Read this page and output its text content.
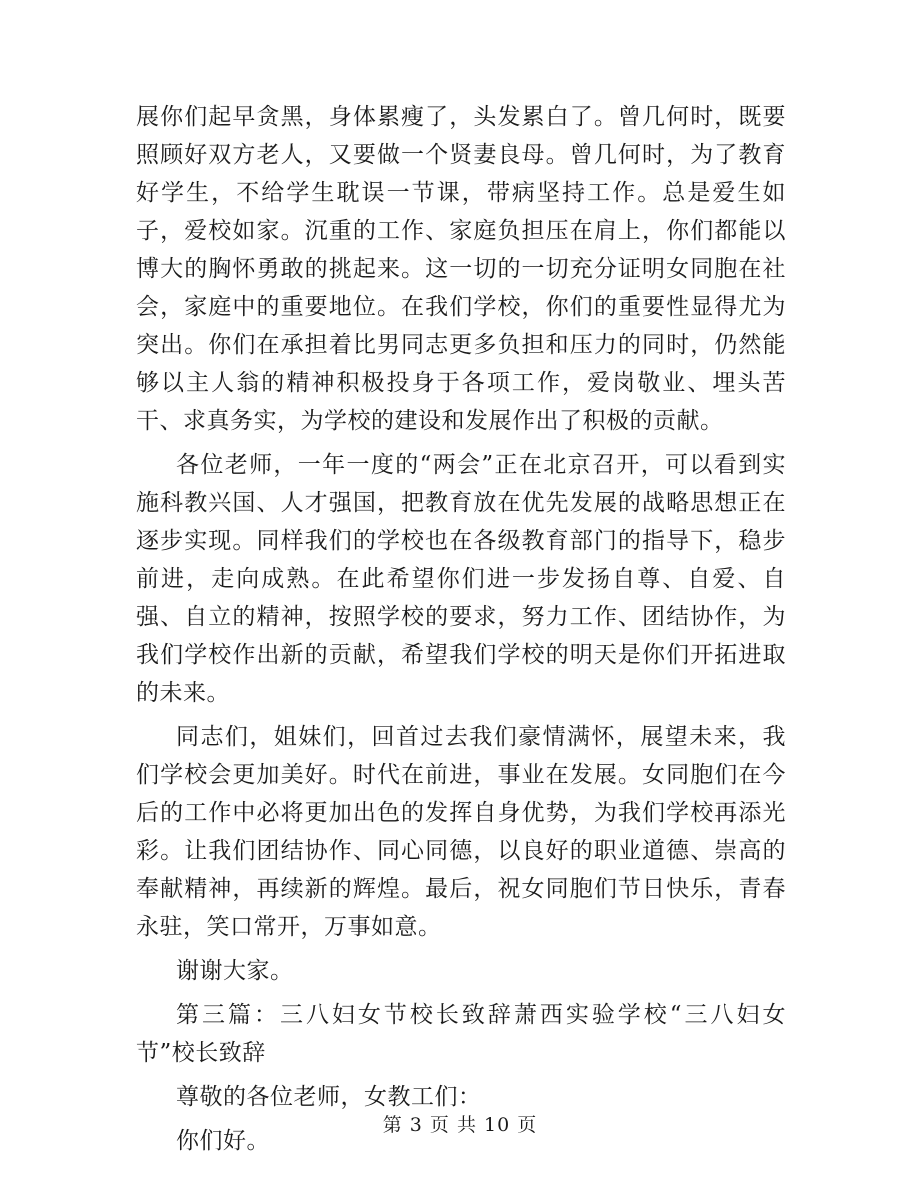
展你们起早贪黑，身体累瘦了，头发累白了。曾几何时，既要照顾好双方老人，又要做一个贤妻良母。曾几何时，为了教育好学生，不给学生耽误一节课，带病坚持工作。总是爱生如子，爱校如家。沉重的工作、家庭负担压在肩上，你们都能以博大的胸怀勇敢的挑起来。这一切的一切充分证明女同胞在社会，家庭中的重要地位。在我们学校，你们的重要性显得尤为突出。你们在承担着比男同志更多负担和压力的同时，仍然能够以主人翁的精神积极投身于各项工作，爱岗敬业、埋头苦干、求真务实，为学校的建设和发展作出了积极的贡献。

各位老师，一年一度的“两会”正在北京召开，可以看到实施科教兴国、人才强国，把教育放在优先发展的战略思想正在逐步实现。同样我们的学校也在各级教育部门的指导下，稳步前进，走向成熟。在此希望你们进一步发扬自尊、自爱、自强、自立的精神，按照学校的要求，努力工作、团结协作，为我们学校作出新的贡献，希望我们学校的明天是你们开拓进取的未来。

同志们，姐妹们，回首过去我们豪情满怀，展望未来，我们学校会更加美好。时代在前进，事业在发展。女同胞们在今后的工作中必将更加出色的发挥自身优势，为我们学校再添光彩。让我们团结协作、同心同德，以良好的职业道德、崇高的奉献精神，再续新的辉煌。最后，祝女同胞们节日快乐，青春永驻，笑口常开，万事如意。

谢谢大家。

第三篇：三八妇女节校长致辞萧西实验学校“三八妇女节”校长致辞

尊敬的各位老师，女教工们：

你们好。

第 3 页 共 10 页
